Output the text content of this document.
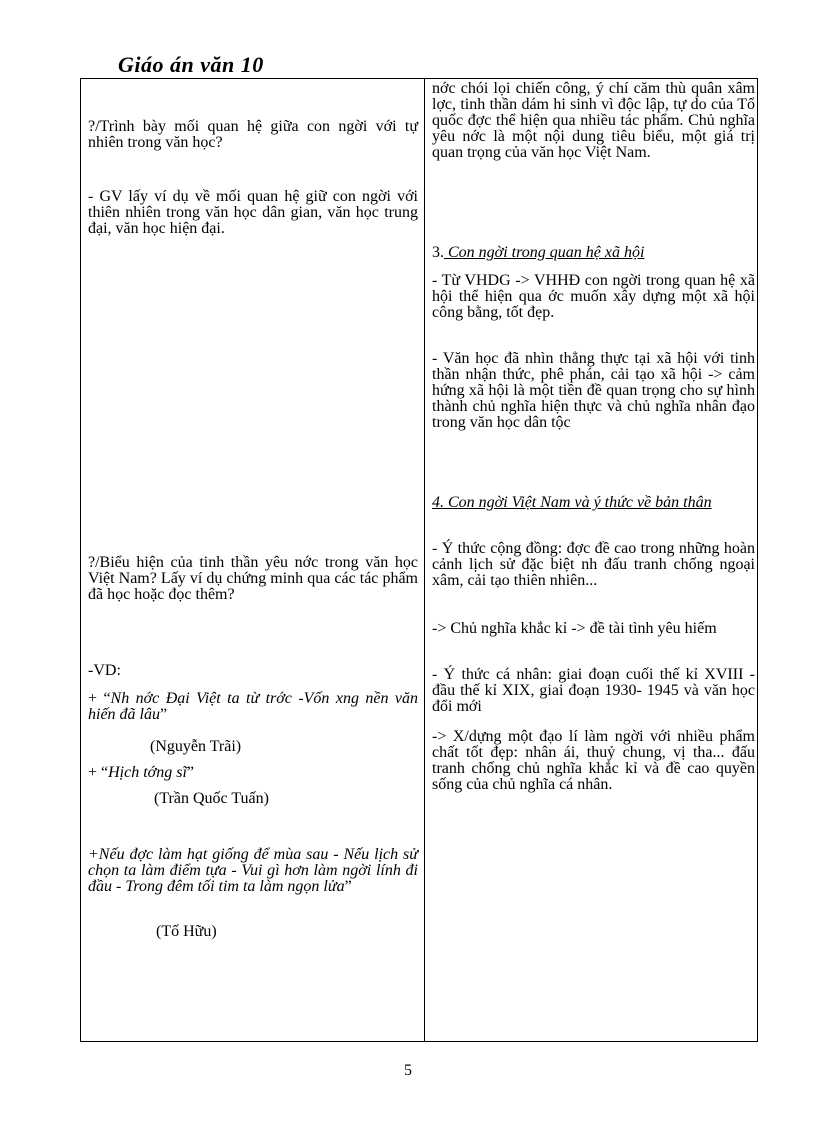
Giáo án văn 10

?/Trình bày mối quan hệ giữa con ngời với tự nhiên trong văn học?

- GV lấy ví dụ về mối quan hệ giữ con ngời với thiên nhiên trong văn học dân gian, văn học trung đại, văn học hiện đại.

?/Biểu hiện của tinh thần yêu nớc trong văn học Việt Nam? Lấy ví dụ chứng minh qua các tác phẩm đã học hoặc đọc thêm?

-VD:

+ “Nh nớc Đại Việt ta từ trớc -Vốn xng nền văn hiến đã lâu”

(Nguyễn Trãi)

+ “Hịch tớng sĩ”

(Trần Quốc Tuấn)

+Nếu đợc làm hạt giống để mùa sau - Nếu lịch sử chọn ta làm điểm tựa - Vui gì hơn làm ngời lính đi đầu - Trong đêm tối tim ta làm ngọn lửa”

(Tố Hữu)

nớc chói lọi chiến công, ý chí căm thù quân xâm lợc, tinh thần dám hi sinh vì độc lập, tự do của Tổ quốc đợc thể hiện qua nhiều tác phẩm. Chủ nghĩa yêu nớc là một nội dung tiêu biểu, một giá trị quan trọng của văn học Việt Nam.

3. Con ngời trong quan hệ xã hội

- Từ VHDG -> VHHĐ con ngời trong quan hệ xã hội thể hiện qua ớc muốn xây dựng một xã hội công bằng, tốt đẹp.

- Văn học đã nhìn thẳng thực tại xã hội với tinh thần nhận thức, phê phán, cải tạo xã hội -> cảm hứng xã hội là một tiền đề quan trọng cho sự hình thành chủ nghĩa hiện thực và chủ nghĩa nhân đạo trong văn học dân tộc

4. Con ngời Việt Nam và ý thức về bản thân

- Ý thức cộng đồng: đợc đề cao trong những hoàn cảnh lịch sử đặc biệt nh đấu tranh chống ngoại xâm, cải tạo thiên nhiên...

-> Chủ nghĩa khắc kỉ -> đề tài tình yêu hiếm

- Ý thức cá nhân: giai đoạn cuối thế kỉ XVIII - đầu thế kỉ XIX, giai đoạn 1930- 1945 và văn học đổi mới

-> X/dựng một đạo lí làm ngời với nhiều phẩm chất tốt đẹp: nhân ái, thuỷ chung, vị tha... đấu tranh chống chủ nghĩa khắc kỉ và đề cao quyền sống của chủ nghĩa cá nhân.

5
